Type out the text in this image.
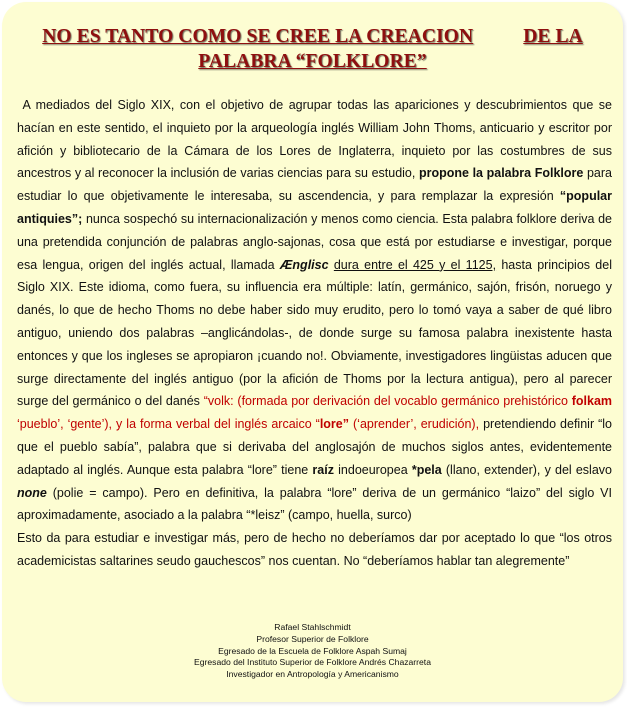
NO ES TANTO COMO SE CREE LA CREACION	DE LA
PALABRA “FOLKLORE”

A mediados del Siglo XIX, con el objetivo de agrupar todas las apariciones y descubrimientos que se hacían en este sentido, el inquieto por la arqueología inglés William John Thoms, anticuario y escritor por afición y bibliotecario de la Cámara de los Lores de Inglaterra, inquieto por las costumbres de sus ancestros y al reconocer la inclusión de varias ciencias para su estudio, propone la palabra Folklore para estudiar lo que objetivamente le interesaba, su ascendencia, y para remplazar la expresión “popular antiquies”; nunca sospechó su internacionalización y menos como ciencia. Esta palabra folklore deriva de una pretendida conjunción de palabras anglo-sajonas, cosa que está por estudiarse e investigar, porque esa lengua, origen del inglés actual, llamada Ænglisc dura entre el 425 y el 1125, hasta principios del Siglo XIX. Este idioma, como fuera, su influencia era múltiple: latín, germánico, sajón, frisón, noruego y danés, lo que de hecho Thoms no debe haber sido muy erudito, pero lo tomó vaya a saber de qué libro antiguo, uniendo dos palabras –anglicándolas-, de donde surge su famosa palabra inexistente hasta entonces y que los ingleses se apropiaron ¡cuando no!. Obviamente, investigadores lingüistas aducen que surge directamente del inglés antiguo (por la afición de Thoms por la lectura antigua), pero al parecer surge del germánico o del danés “volk: (formada por derivación del vocablo germánico prehistórico folkam ‘pueblo’, ‘gente’), y la forma verbal del inglés arcaico “lore” (‘aprender’, erudición), pretendiendo definir “lo que el pueblo sabía”, palabra que si derivaba del anglosajón de muchos siglos antes, evidentemente adaptado al inglés. Aunque esta palabra “lore” tiene raíz indoeuropea *pela (llano, extender), y del eslavo none (polie = campo). Pero en definitiva, la palabra “lore” deriva de un germánico “laizo” del siglo VI aproximadamente, asociado a la palabra “*leisz” (campo, huella, surco)

Esto da para estudiar e investigar más, pero de hecho no deberíamos dar por aceptado lo que “los otros academicistas saltarines seudo gauchescos” nos cuentan. No “deberíamos hablar tan alegremente”

Rafael Stahlschmidt
Profesor Superior de Folklore
Egresado de la Escuela de Folklore Aspah Sumaj
Egresado del Instituto Superior de Folklore Andrés Chazarreta
Investigador en Antropología y Americanismo
